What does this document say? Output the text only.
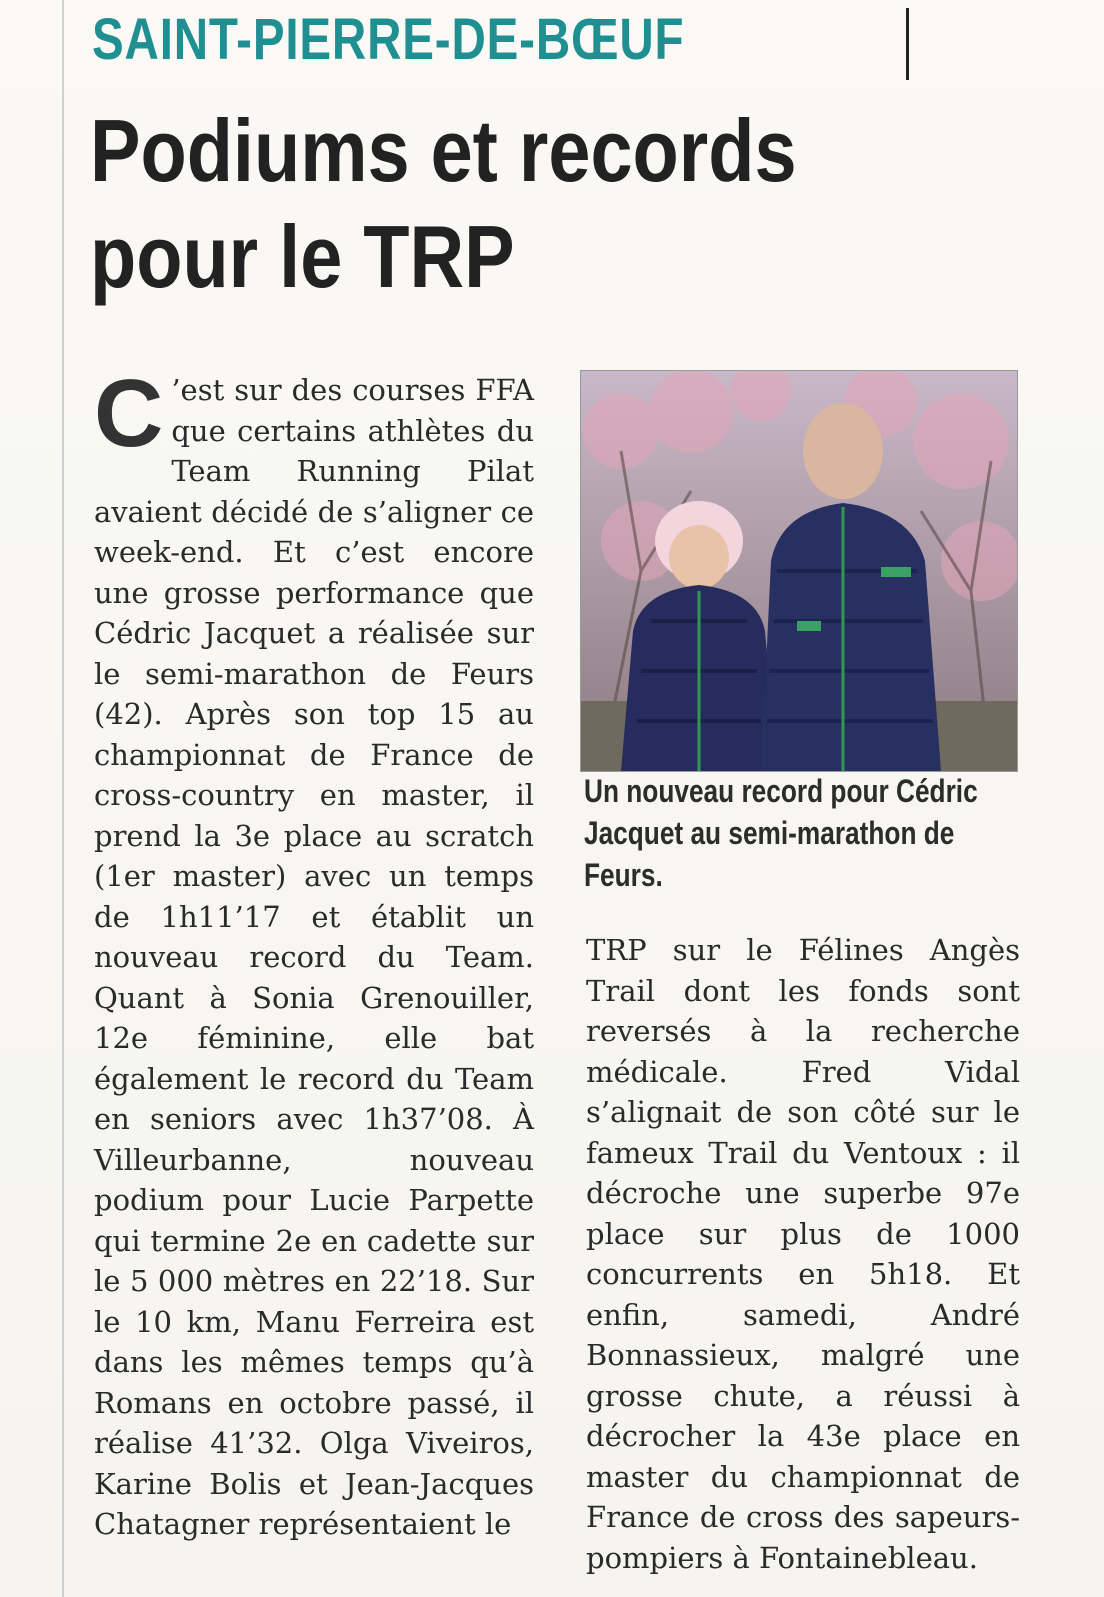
SAINT-PIERRE-DE-BŒUF
Podiums et records pour le TRP
C ’est sur des courses FFA que certains athlètes du Team Running Pilat avaient décidé de s’aligner ce week-end. Et c’est encore une grosse performance que Cédric Jacquet a réalisée sur le semi-marathon de Feurs (42). Après son top 15 au championnat de France de cross-country en master, il prend la 3e place au scratch (1er master) avec un temps de 1h11’17 et établit un nouveau record du Team. Quant à Sonia Grenouiller, 12e féminine, elle bat également le record du Team en seniors avec 1h37’08. À Villeurbanne, nouveau podium pour Lucie Parpette qui termine 2e en cadette sur le 5 000 mètres en 22’18. Sur le 10 km, Manu Ferreira est dans les mêmes temps qu’à Romans en octobre passé, il réalise 41’32. Olga Viveiros, Karine Bolis et Jean-Jacques Chatagner représentaient le

Un nouveau record pour Cédric Jacquet au semi-marathon de Feurs.

TRP sur le Félines Angès Trail dont les fonds sont reversés à la recherche médicale. Fred Vidal s’alignait de son côté sur le fameux Trail du Ventoux : il décroche une superbe 97e place sur plus de 1000 concurrents en 5h18. Et enfin, samedi, André Bonnassieux, malgré une grosse chute, a réussi à décrocher la 43e place en master du championnat de France de cross des sapeurs-pompiers à Fontainebleau.
